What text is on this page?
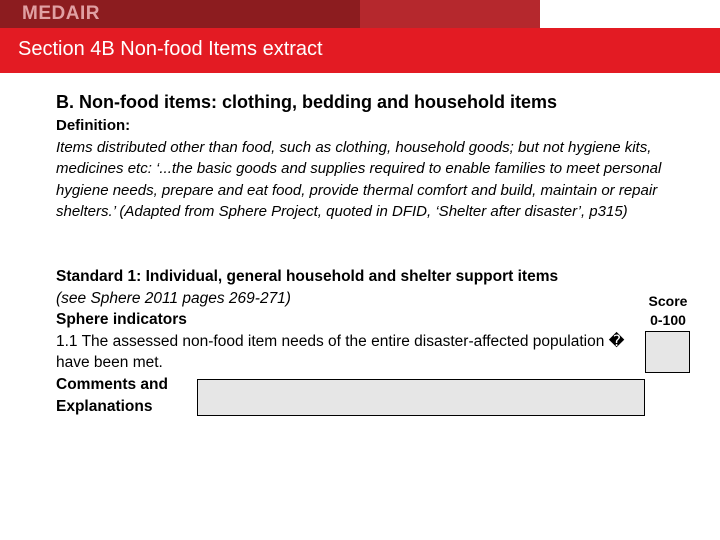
MEDAIR
Section 4B Non-food Items extract
B. Non-food items: clothing, bedding and household items
Definition:
Items distributed other than food, such as clothing, household goods; but not hygiene kits, medicines etc: ‘...the basic goods and supplies required to enable families to meet personal hygiene needs, prepare and eat food, provide thermal comfort and build, maintain or repair shelters.’ (Adapted from Sphere Project, quoted in DFID, ‘Shelter after disaster’, p315)
Standard 1: Individual, general household and shelter support items
(see Sphere 2011 pages 269-271)
Sphere indicators
1.1 The assessed non-food item needs of the entire disaster-affected population � have been met.
Comments and
Explanations
Score
0-100
